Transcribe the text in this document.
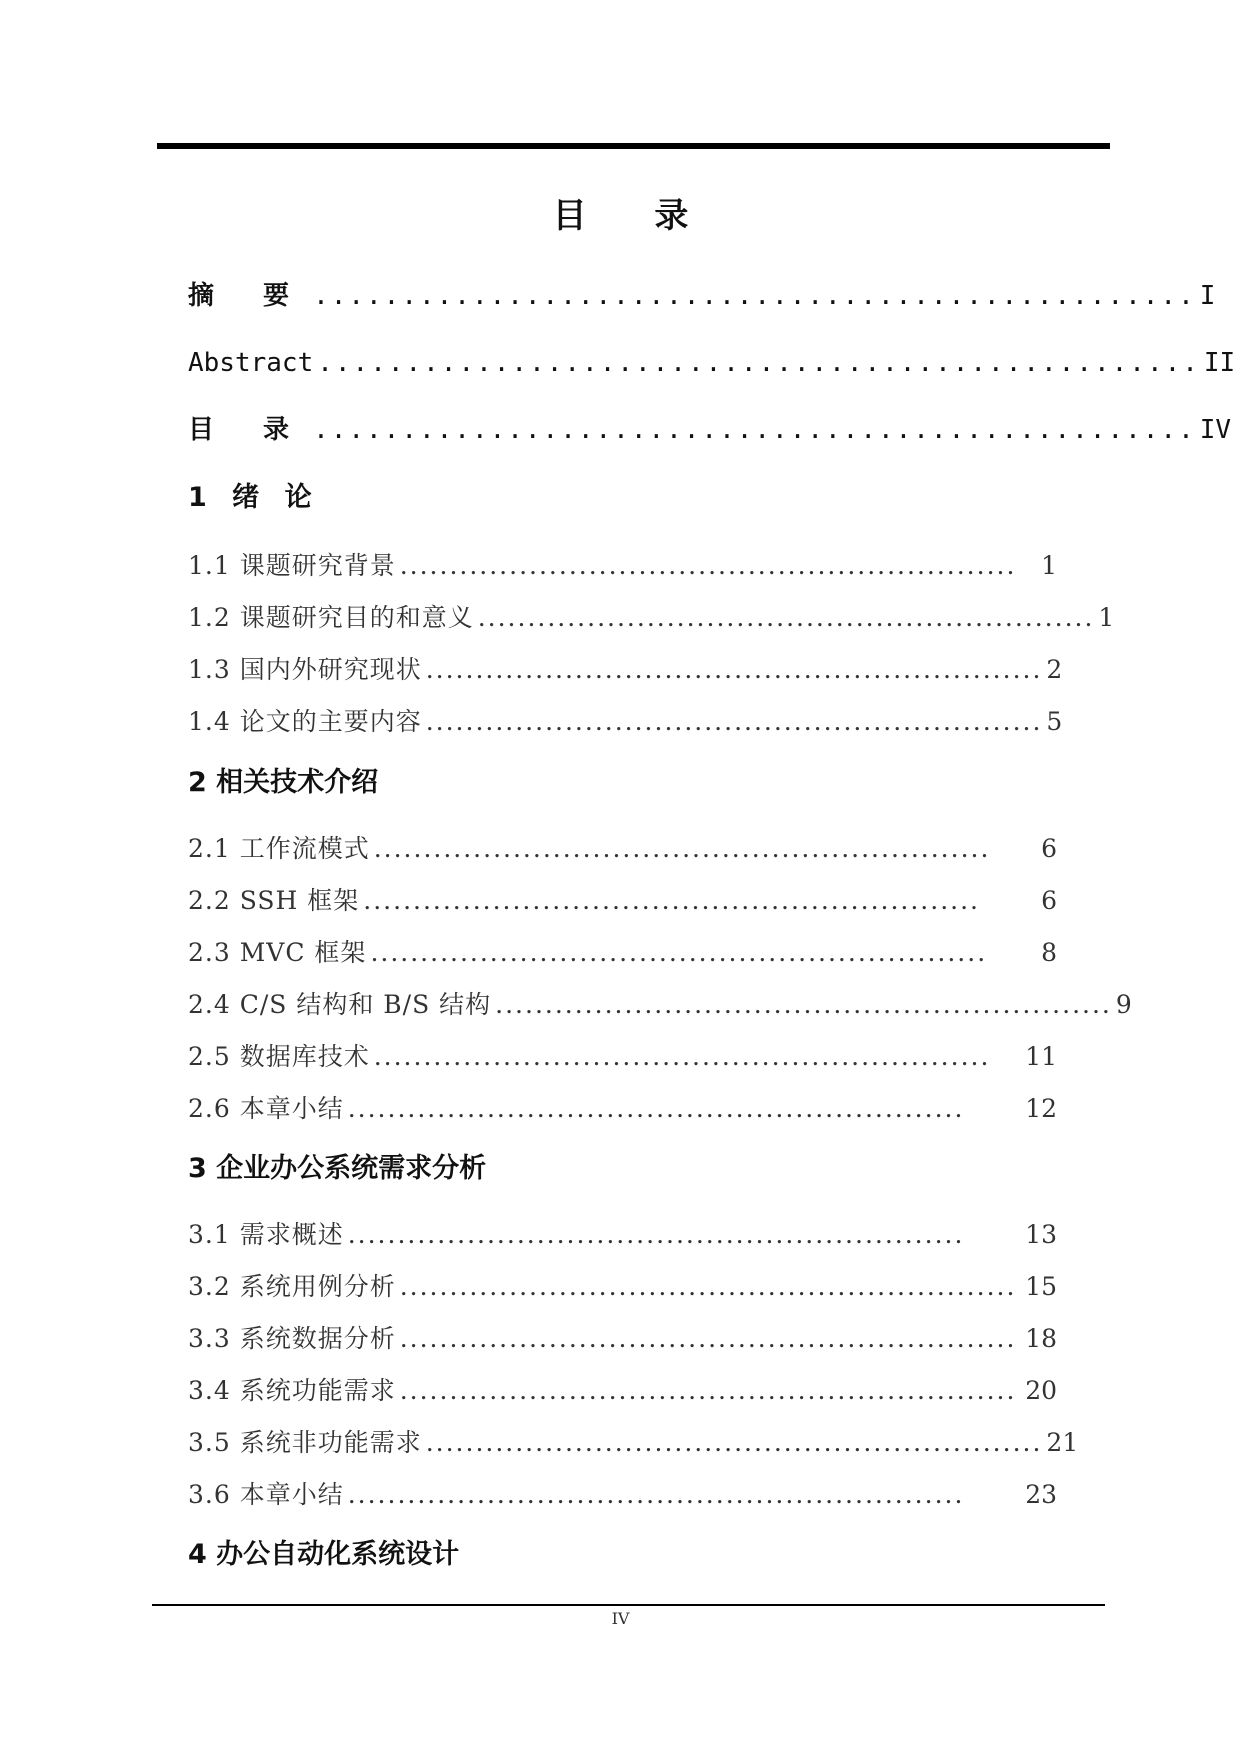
目 录
摘 要 .................................................. I
Abstract .................................................. II
目 录 .................................................. IV
1 绪 论
1.1 课题研究背景 .............................................................. 1
1.2 课题研究目的和意义 .............................................................. 1
1.3 国内外研究现状 .............................................................. 2
1.4 论文的主要内容 .............................................................. 5
2 相关技术介绍
2.1 工作流模式 ..............................................................	6
2.2 SSH 框架 ..............................................................	6
2.3 MVC 框架 ..............................................................	8
2.4 C/S 结构和 B/S 结构 .............................................................. 9
2.5 数据库技术 ..............................................................	11
2.6 本章小结 ..............................................................	12
3 企业办公系统需求分析
3.1 需求概述 ..............................................................	13
3.2 系统用例分析 .............................................................. 15
3.3 系统数据分析 .............................................................. 18
3.4 系统功能需求 .............................................................. 20
3.5 系统非功能需求 .............................................................. 21
3.6 本章小结 ..............................................................	23
4 办公自动化系统设计
IV
